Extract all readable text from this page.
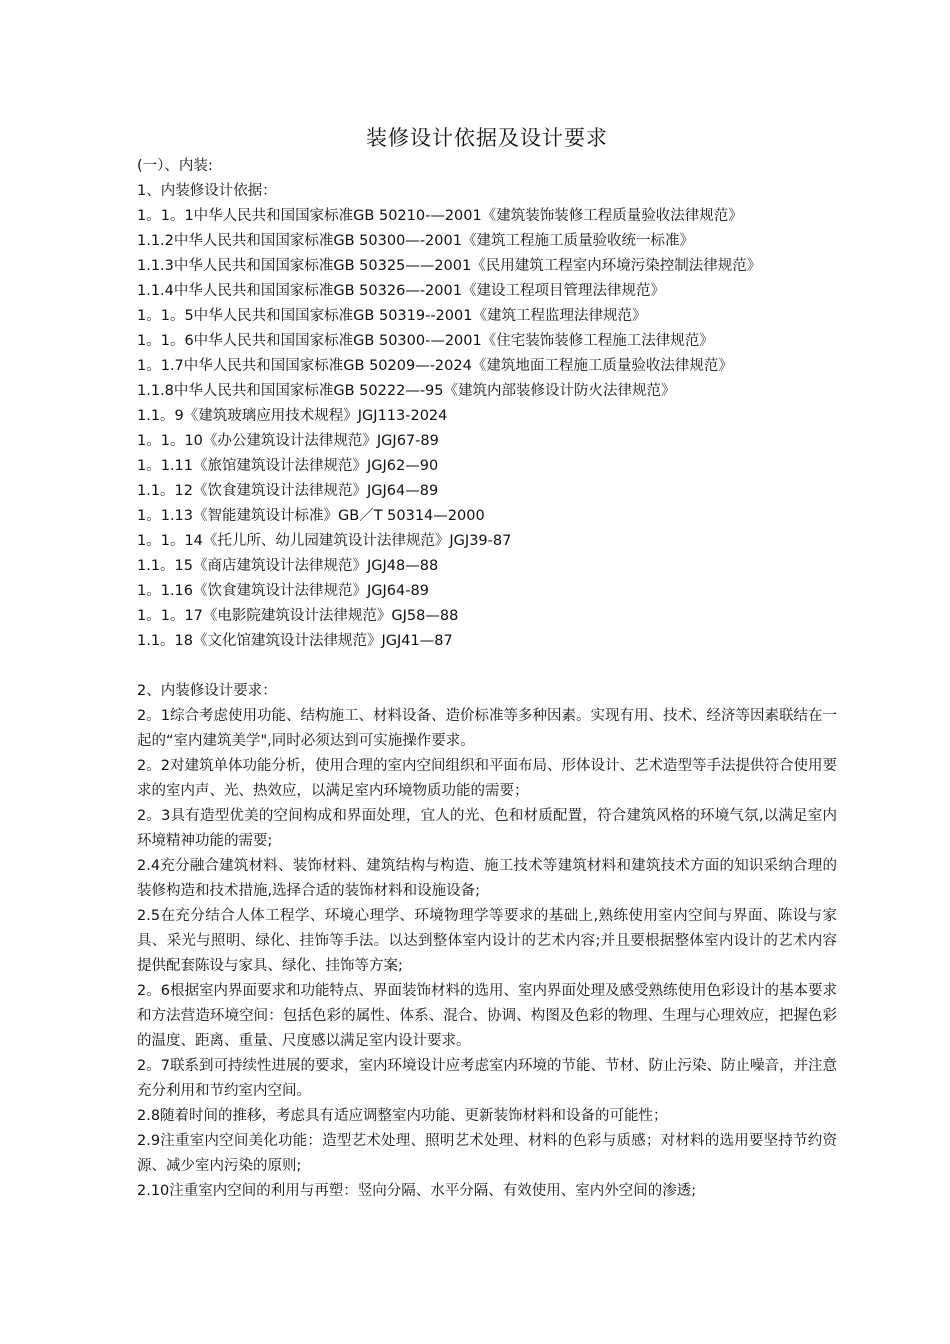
装修设计依据及设计要求
(一）、内装:
1、内装修设计依据：
1。1。1中华人民共和国国家标准GB 50210-—2001《建筑装饰装修工程质量验收法律规范》
1.1.2中华人民共和国国家标准GB 50300—-2001《建筑工程施工质量验收统一标准》
1.1.3中华人民共和国国家标准GB 50325——2001《民用建筑工程室内环境污染控制法律规范》
1.1.4中华人民共和国国家标准GB 50326—-2001《建设工程项目管理法律规范》
1。1。5中华人民共和国国家标准GB 50319--2001《建筑工程监理法律规范》
1。1。6中华人民共和国国家标准GB 50300-—2001《住宅装饰装修工程施工法律规范》
1。1.7中华人民共和国国家标准GB 50209—-2024《建筑地面工程施工质量验收法律规范》
1.1.8中华人民共和国国家标准GB 50222—-95《建筑内部装修设计防火法律规范》
1.1。9《建筑玻璃应用技术规程》JGJ113-2024
1。1。10《办公建筑设计法律规范》JGJ67-89
1。1.11《旅馆建筑设计法律规范》JGJ62—90
1.1。12《饮食建筑设计法律规范》JGJ64—89
1。1.13《智能建筑设计标准》GB／T 50314—2000
1。1。14《托儿所、幼儿园建筑设计法律规范》JGJ39-87
1.1。15《商店建筑设计法律规范》JGJ48—88
1。1.16《饮食建筑设计法律规范》JGJ64-89
1。1。17《电影院建筑设计法律规范》GJ58—88
1.1。18《文化馆建筑设计法律规范》JGJ41—87
2、内装修设计要求：
2。1综合考虑使用功能、结构施工、材料设备、造价标准等多种因素。实现有用、技术、经济等因素联结在一起的“室内建筑美学",同时必须达到可实施操作要求。
2。2对建筑单体功能分析，使用合理的室内空间组织和平面布局、形体设计、艺术造型等手法提供符合使用要求的室内声、光、热效应，以满足室内环境物质功能的需要；
2。3具有造型优美的空间构成和界面处理，宜人的光、色和材质配置，符合建筑风格的环境气氛,以满足室内环境精神功能的需要;
2.4充分融合建筑材料、装饰材料、建筑结构与构造、施工技术等建筑材料和建筑技术方面的知识采纳合理的装修构造和技术措施,选择合适的装饰材料和设施设备;
2.5在充分结合人体工程学、环境心理学、环境物理学等要求的基础上,熟练使用室内空间与界面、陈设与家具、采光与照明、绿化、挂饰等手法。以达到整体室内设计的艺术内容;并且要根据整体室内设计的艺术内容提供配套陈设与家具、绿化、挂饰等方案;
2。6根据室内界面要求和功能特点、界面装饰材料的选用、室内界面处理及感受熟练使用色彩设计的基本要求和方法营造环境空间：包括色彩的属性、体系、混合、协调、构图及色彩的物理、生理与心理效应，把握色彩的温度、距离、重量、尺度感以满足室内设计要求。
2。7联系到可持续性进展的要求，室内环境设计应考虑室内环境的节能、节材、防止污染、防止噪音，并注意充分利用和节约室内空间。
2.8随着时间的推移，考虑具有适应调整室内功能、更新装饰材料和设备的可能性；
2.9注重室内空间美化功能：造型艺术处理、照明艺术处理、材料的色彩与质感；对材料的选用要坚持节约资源、减少室内污染的原则;
2.10注重室内空间的利用与再塑：竖向分隔、水平分隔、有效使用、室内外空间的渗透;
